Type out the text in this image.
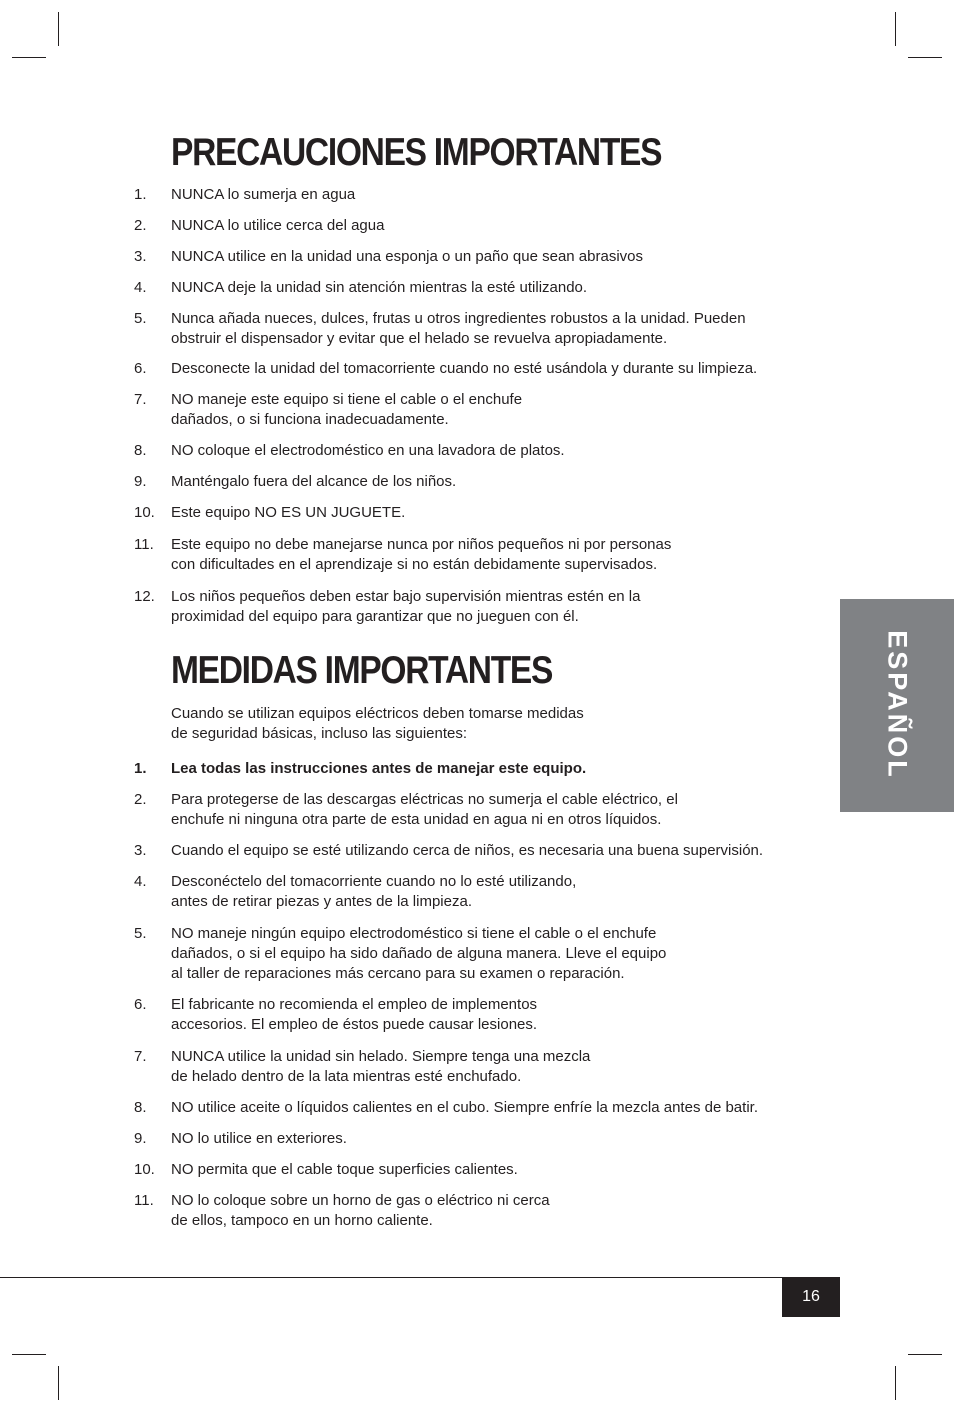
PRECAUCIONES IMPORTANTES
1. NUNCA lo sumerja en agua
2. NUNCA lo utilice cerca del agua
3. NUNCA utilice en la unidad una esponja o un paño que sean abrasivos
4. NUNCA deje la unidad sin atención mientras la esté utilizando.
5. Nunca añada nueces, dulces, frutas u otros ingredientes robustos a la unidad. Pueden
obstruir el dispensador y evitar que el helado se revuelva apropiadamente.
6. Desconecte la unidad del tomacorriente cuando no esté usándola y durante su limpieza.
7. NO maneje este equipo si tiene el cable o el enchufe
dañados, o si funciona inadecuadamente.
8. NO coloque el electrodoméstico en una lavadora de platos.
9. Manténgalo fuera del alcance de los niños.
10. Este equipo NO ES UN JUGUETE.
11. Este equipo no debe manejarse nunca por niños pequeños ni por personas
con dificultades en el aprendizaje si no están debidamente supervisados.
12. Los niños pequeños deben estar bajo supervisión mientras estén en la
proximidad del equipo para garantizar que no jueguen con él.
MEDIDAS IMPORTANTES

Cuando se utilizan equipos eléctricos deben tomarse medidas
de seguridad básicas, incluso las siguientes:

1. Lea todas las instrucciones antes de manejar este equipo.
2. Para protegerse de las descargas eléctricas no sumerja el cable eléctrico, el
enchufe ni ninguna otra parte de esta unidad en agua ni en otros líquidos.
3. Cuando el equipo se esté utilizando cerca de niños, es necesaria una buena supervisión.
4. Desconéctelo del tomacorriente cuando no lo esté utilizando,
antes de retirar piezas y antes de la limpieza.
5. NO maneje ningún equipo electrodoméstico si tiene el cable o el enchufe
dañados, o si el equipo ha sido dañado de alguna manera. Lleve el equipo
al taller de reparaciones más cercano para su examen o reparación.
6. El fabricante no recomienda el empleo de implementos
accesorios. El empleo de éstos puede causar lesiones.
7. NUNCA utilice la unidad sin helado. Siempre tenga una mezcla
de helado dentro de la lata mientras esté enchufado.
8. NO utilice aceite o líquidos calientes en el cubo. Siempre enfríe la mezcla antes de batir.
9. NO lo utilice en exteriores.
10. NO permita que el cable toque superficies calientes.
11. NO lo coloque sobre un horno de gas o eléctrico ni cerca
de ellos, tampoco en un horno caliente.
ESPAÑOL
16
